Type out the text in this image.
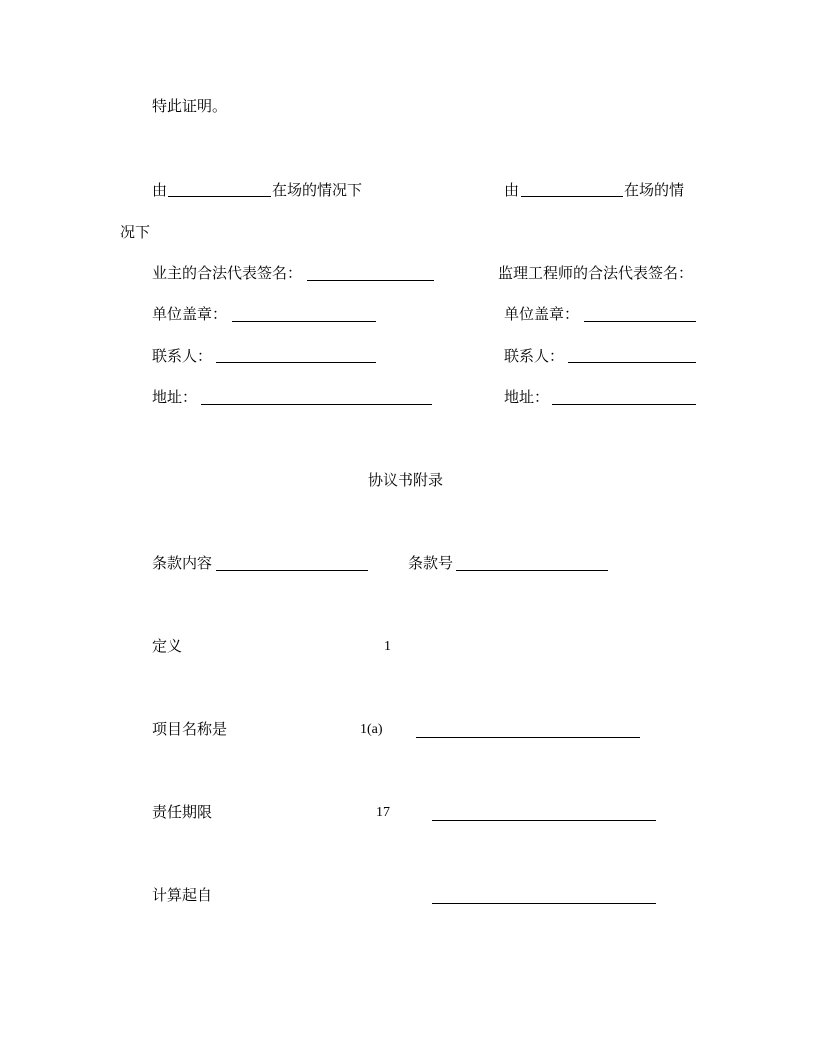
特此证明。
由	在场的情况下	由	在场的情
况下
业主的合法代表签名：	监理工程师的合法代表签名：
单位盖章：	单位盖章：
联系人：	联系人：
地址：	地址：
协议书附录
条款内容	条款号
定义	1
项目名称是	1(a)
责任期限	17
计算起自
